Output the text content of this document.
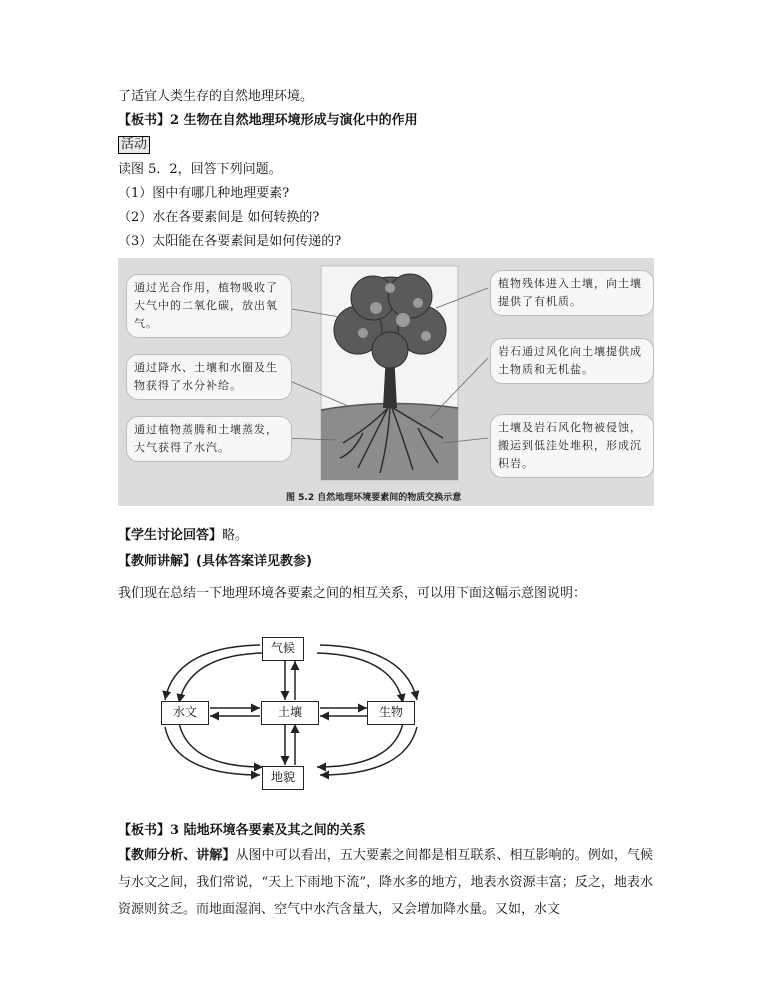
了适宜人类生存的自然地理环境。
【板书】2 生物在自然地理环境形成与演化中的作用
活动
读图 5．2，回答下列问题。
（1）图中有哪几种地理要素?
（2）水在各要素间是 如何转换的?
（3）太阳能在各要素间是如何传递的?
通过光合作用，植物吸收了大气中的二氧化碳，放出氧气。
通过降水、土壤和水圈及生物获得了水分补给。
通过植物蒸腾和土壤蒸发，大气获得了水汽。
植物残体进入土壤，向土壤提供了有机质。
岩石通过风化向土壤提供成土物质和无机盐。
土壤及岩石风化物被侵蚀，搬运到低洼处堆积，形成沉积岩。
图 5.2 自然地理环境要素间的物质交换示意
【学生讨论回答】略。
【教师讲解】(具体答案详见教参)
我们现在总结一下地理环境各要素之间的相互关系，可以用下面这幅示意图说明：
气候
水文	土壤	生物
地貌
【板书】3 陆地环境各要素及其之间的关系
【教师分析、讲解】从图中可以看出，五大要素之间都是相互联系、相互影响的。例如，气候与水文之间，我们常说，“天上下雨地下流”，降水多的地方，地表水资源丰富；反之，地表水资源则贫乏。而地面湿润、空气中水汽含量大，又会增加降水量。又如，水文
